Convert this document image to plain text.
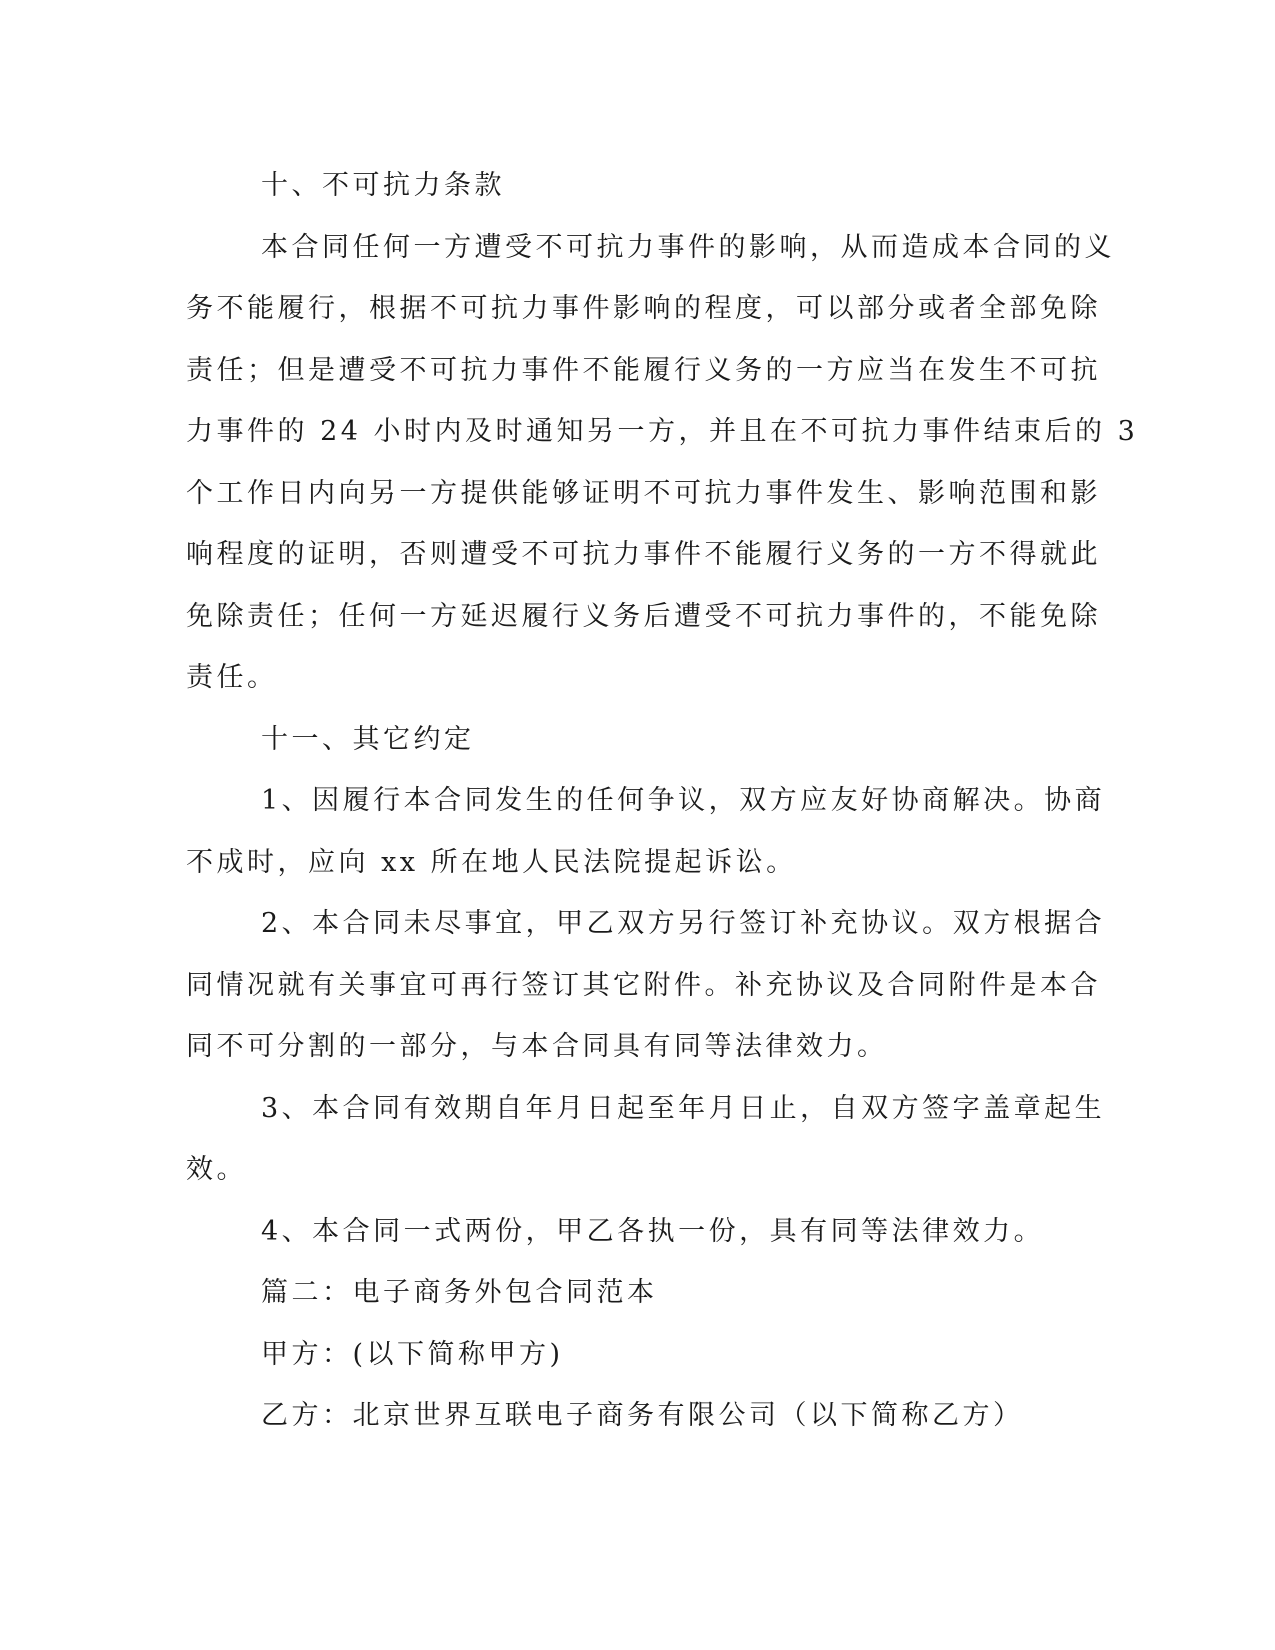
十、不可抗力条款
本合同任何一方遭受不可抗力事件的影响，从而造成本合同的义
务不能履行，根据不可抗力事件影响的程度，可以部分或者全部免除
责任；但是遭受不可抗力事件不能履行义务的一方应当在发生不可抗
力事件的 24 小时内及时通知另一方，并且在不可抗力事件结束后的 3
个工作日内向另一方提供能够证明不可抗力事件发生、影响范围和影
响程度的证明，否则遭受不可抗力事件不能履行义务的一方不得就此
免除责任；任何一方延迟履行义务后遭受不可抗力事件的，不能免除
责任。
十一、其它约定
1、因履行本合同发生的任何争议，双方应友好协商解决。协商
不成时，应向 xx 所在地人民法院提起诉讼。
2、本合同未尽事宜，甲乙双方另行签订补充协议。双方根据合
同情况就有关事宜可再行签订其它附件。补充协议及合同附件是本合
同不可分割的一部分，与本合同具有同等法律效力。
3、本合同有效期自年月日起至年月日止，自双方签字盖章起生
效。
4、本合同一式两份，甲乙各执一份，具有同等法律效力。
篇二：电子商务外包合同范本
甲方：(以下简称甲方)
乙方：北京世界互联电子商务有限公司（以下简称乙方）
